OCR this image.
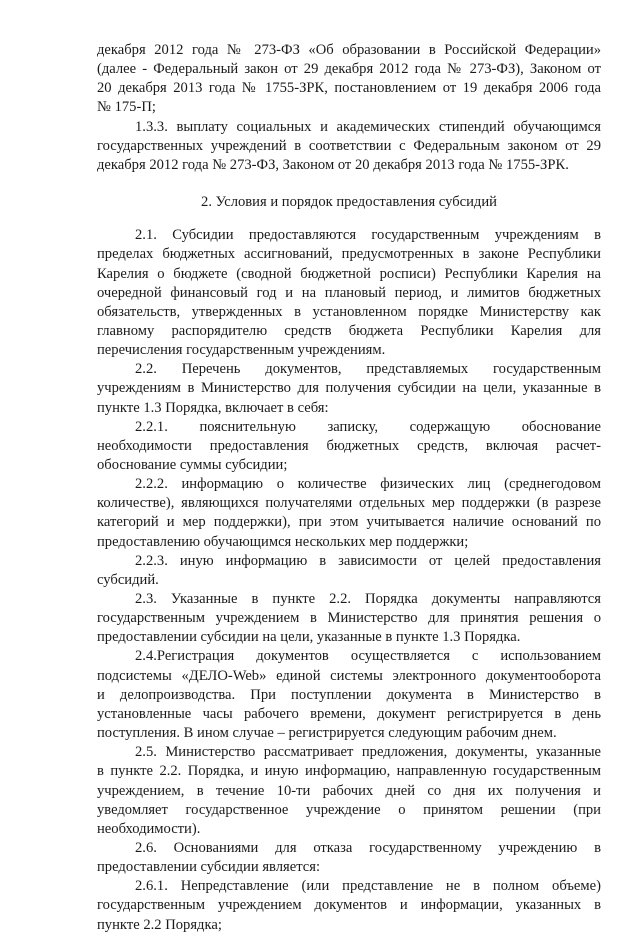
декабря 2012 года № 273-ФЗ «Об образовании в Российской Федерации»
(далее - Федеральный закон от 29 декабря 2012 года № 273-ФЗ), Законом от
20 декабря 2013 года № 1755-ЗРК, постановлением от 19 декабря 2006 года
№ 175-П;
1.3.3. выплату социальных и академических стипендий обучающимся
государственных учреждений в соответствии с Федеральным законом от 29
декабря 2012 года № 273-ФЗ, Законом от 20 декабря 2013 года № 1755-ЗРК.
2. Условия и порядок предоставления субсидий
2.1. Субсидии предоставляются государственным учреждениям в
пределах бюджетных ассигнований, предусмотренных в законе Республики
Карелия о бюджете (сводной бюджетной росписи) Республики Карелия на
очередной финансовый год и на плановый период, и лимитов бюджетных
обязательств, утвержденных в установленном порядке Министерству как
главному распорядителю средств бюджета Республики Карелия для
перечисления государственным учреждениям.
2.2. Перечень документов, представляемых государственным
учреждениям в Министерство для получения субсидии на цели, указанные в
пункте 1.3 Порядка, включает в себя:
2.2.1. пояснительную записку, содержащую обоснование
необходимости предоставления бюджетных средств, включая расчет-
обоснование суммы субсидии;
2.2.2. информацию о количестве физических лиц (среднегодовом
количестве), являющихся получателями отдельных мер поддержки (в разрезе
категорий и мер поддержки), при этом учитывается наличие оснований по
предоставлению обучающимся нескольких мер поддержки;
2.2.3. иную информацию в зависимости от целей предоставления
субсидий.
2.3. Указанные в пункте 2.2. Порядка документы направляются
государственным учреждением в Министерство для принятия решения о
предоставлении субсидии на цели, указанные в пункте 1.3 Порядка.
2.4.Регистрация документов осуществляется с использованием
подсистемы «ДЕЛО-Web» единой системы электронного документооборота
и делопроизводства. При поступлении документа в Министерство в
установленные часы рабочего времени, документ регистрируется в день
поступления. В ином случае – регистрируется следующим рабочим днем.
2.5. Министерство рассматривает предложения, документы, указанные
в пункте 2.2. Порядка, и иную информацию, направленную государственным
учреждением, в течение 10-ти рабочих дней со дня их получения и
уведомляет государственное учреждение о принятом решении (при
необходимости).
2.6. Основаниями для отказа государственному учреждению в
предоставлении субсидии является:
2.6.1. Непредставление (или представление не в полном объеме)
государственным учреждением документов и информации, указанных в
пункте 2.2 Порядка;
